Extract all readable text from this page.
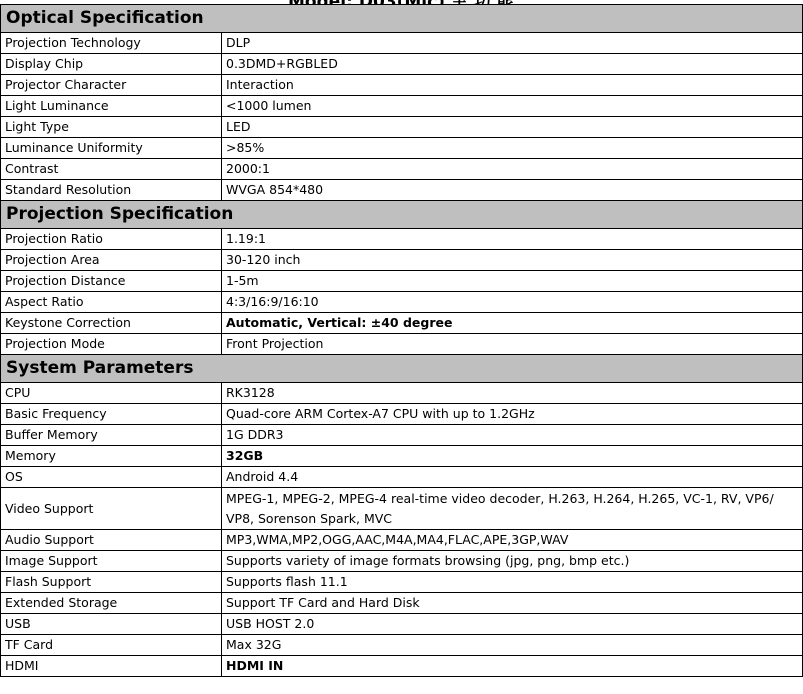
Optical Specification	
Projection Technology	DLP
Display Chip	0.3DMD+RGBLED
Projector Character	Interaction
Light Luminance	<1000 lumen
Light Type	LED
Luminance Uniformity	>85%
Contrast	2000:1
Standard Resolution	WVGA 854*480
Projection Specification	
Projection Ratio	1.19:1
Projection Area	30-120 inch
Projection Distance	1-5m
Aspect Ratio	4:3/16:9/16:10
Keystone Correction	Automatic, Vertical: ±40 degree
Projection Mode	Front Projection
System Parameters	
CPU	RK3128
Basic Frequency	Quad-core ARM Cortex-A7 CPU with up to 1.2GHz
Buffer Memory	1G DDR3
Memory	32GB
OS	Android 4.4
Video Support	MPEG-1, MPEG-2, MPEG-4 real-time video decoder, H.263, H.264, H.265, VC-1, RV, VP6/ VP8, Sorenson Spark, MVC
Audio Support	MP3,WMA,MP2,OGG,AAC,M4A,MA4,FLAC,APE,3GP,WAV
Image Support	Supports variety of image formats browsing (jpg, png, bmp etc.)
Flash Support	Supports flash 11.1
Extended Storage	Support TF Card and Hard Disk
USB	USB HOST 2.0
TF Card	Max 32G
HDMI	HDMI IN
